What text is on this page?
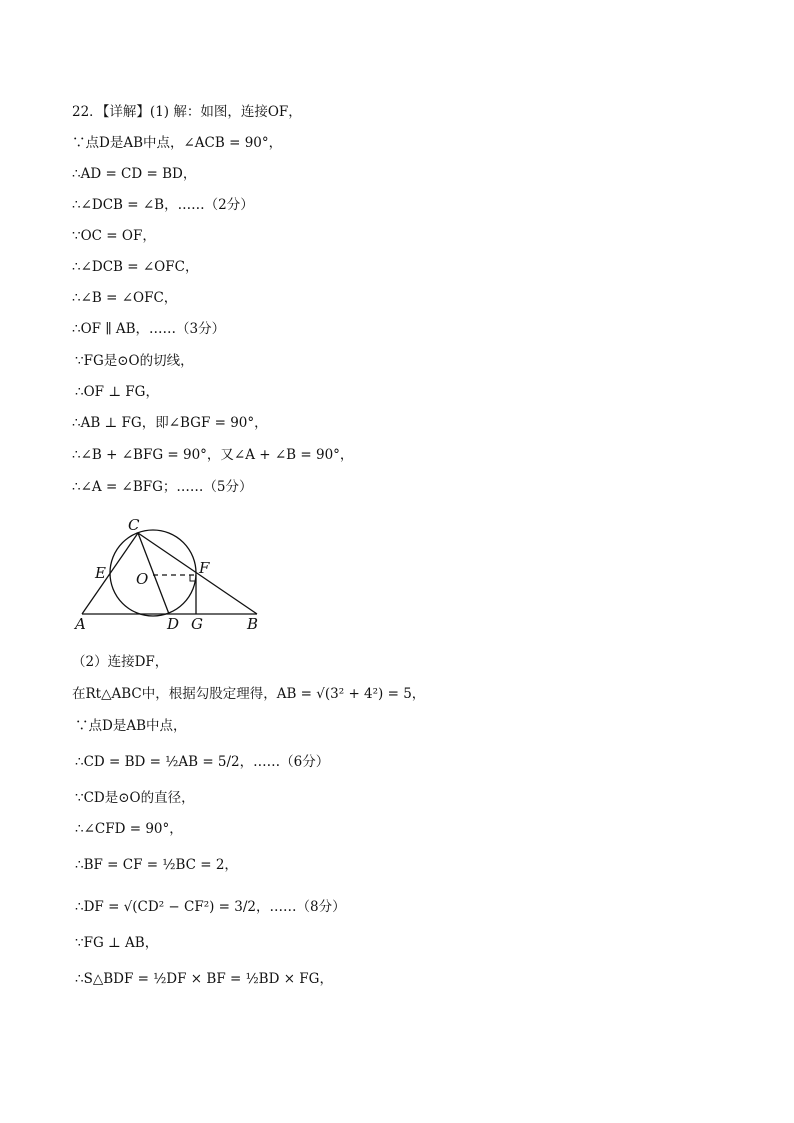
22．【详解】(1) 解：如图，连接OF，
∵点D是AB中点，∠ACB = 90°，
∴AD = CD = BD，
∴∠DCB = ∠B，……（2分）
∵OC = OF，
∴∠DCB = ∠OFC，
∴∠B = ∠OFC，
∴OF ∥ AB，……（3分）
∵FG是⊙O的切线，
∴OF ⊥ FG，
∴AB ⊥ FG，即∠BGF = 90°，
∴∠B + ∠BFG = 90°，又∠A + ∠B = 90°，
∴∠A = ∠BFG；……（5分）
（2）连接DF，
在Rt△ABC中，根据勾股定理得，AB = √(3² + 4²) = 5，
∵点D是AB中点，
∴CD = BD = ½AB = 5/2，……（6分）
∵CD是⊙O的直径，
∴∠CFD = 90°，
∴BF = CF = ½BC = 2，
∴DF = √(CD² − CF²) = 3/2，……（8分）
∵FG ⊥ AB，
∴S△BDF = ½DF × BF = ½BD × FG，
C
E O
F
A	D G	B
